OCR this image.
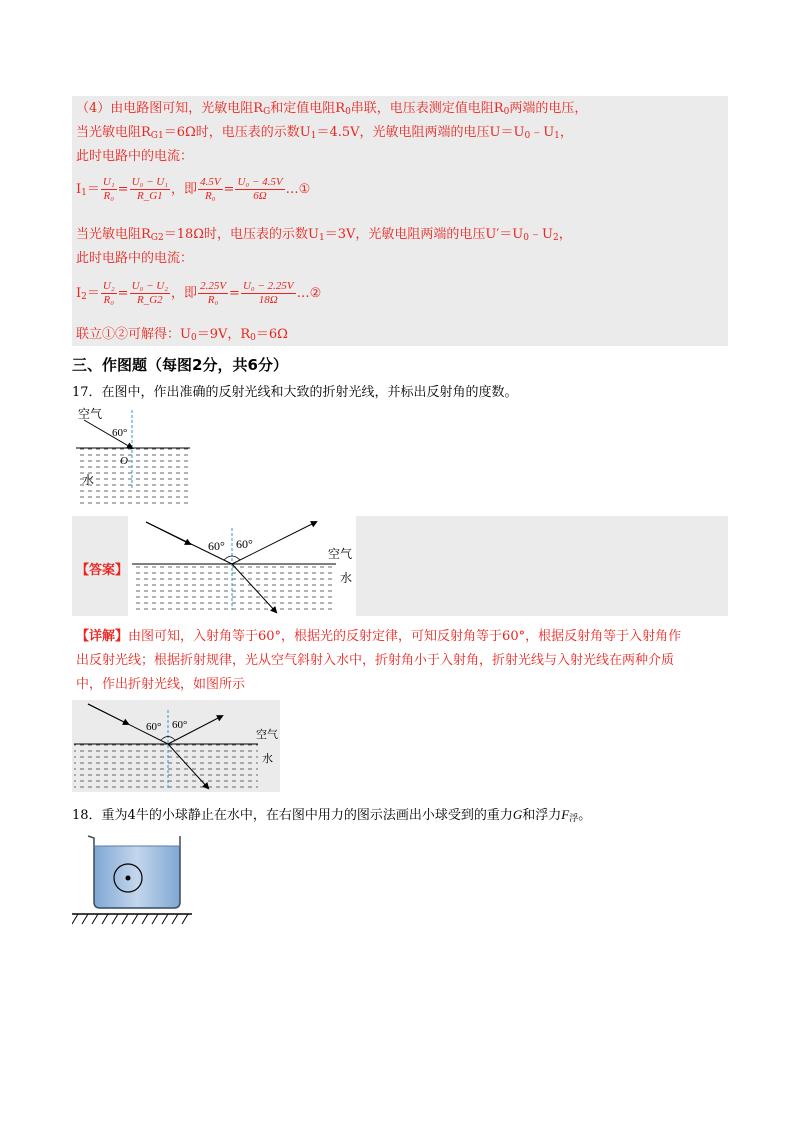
（4）由电路图可知，光敏电阻$R_G$和定值电阻$R_0$串联，电压表测定值电阻$R_0$两端的电压，
当光敏电阻$R_{G1}=6\Omega$时，电压表的示数$U_1=4.5V$，光敏电阻两端的电压$U=U_0﹣U_1$，
此时电路中的电流：
$I_1= \frac{\text{U₁}}{\text{R₀}} = \frac{\text{U₀ − U₁}}{R\_G1}$ ，即 $\frac{4.5V}{\text{R₀}} = \frac{\text{U₀ − 4.5V}}{6\Omega}$ …①
当光敏电阻$R_{G2}=18\Omega$时，电压表的示数$U_1=3V$，光敏电阻两端的电压$U'=U_0﹣U_2$，
此时电路中的电流：
$I_2= \frac{\text{U₂}}{\text{R₀}} = \frac{\text{U₀ − U₂}}{R\_G2}$ ，即 $\frac{2.25V}{\text{R₀}} = \frac{\text{U₀ − 2.25V}}{18\Omega}$ …②
联立①②可解得：$U_0=9V$，$R_0=6\Omega$
三、作图题（每图2分，共6分）
17．在图中，作出准确的反射光线和大致的折射光线，并标出反射角的度数。
空气
60°
O
水
【答案】
60° 60°
空气
水
【详解】由图可知，入射角等于60°，根据光的反射定律，可知反射角等于60°，根据反射角等于入射角作
出反射光线；根据折射规律，光从空气斜射入水中，折射角小于入射角，折射光线与入射光线在两种介质
中，作出折射光线，如图所示
60° 60°
空气
水
18．重为4牛的小球静止在水中，在右图中用力的图示法画出小球受到的重力G和浮力$F_浮$。
